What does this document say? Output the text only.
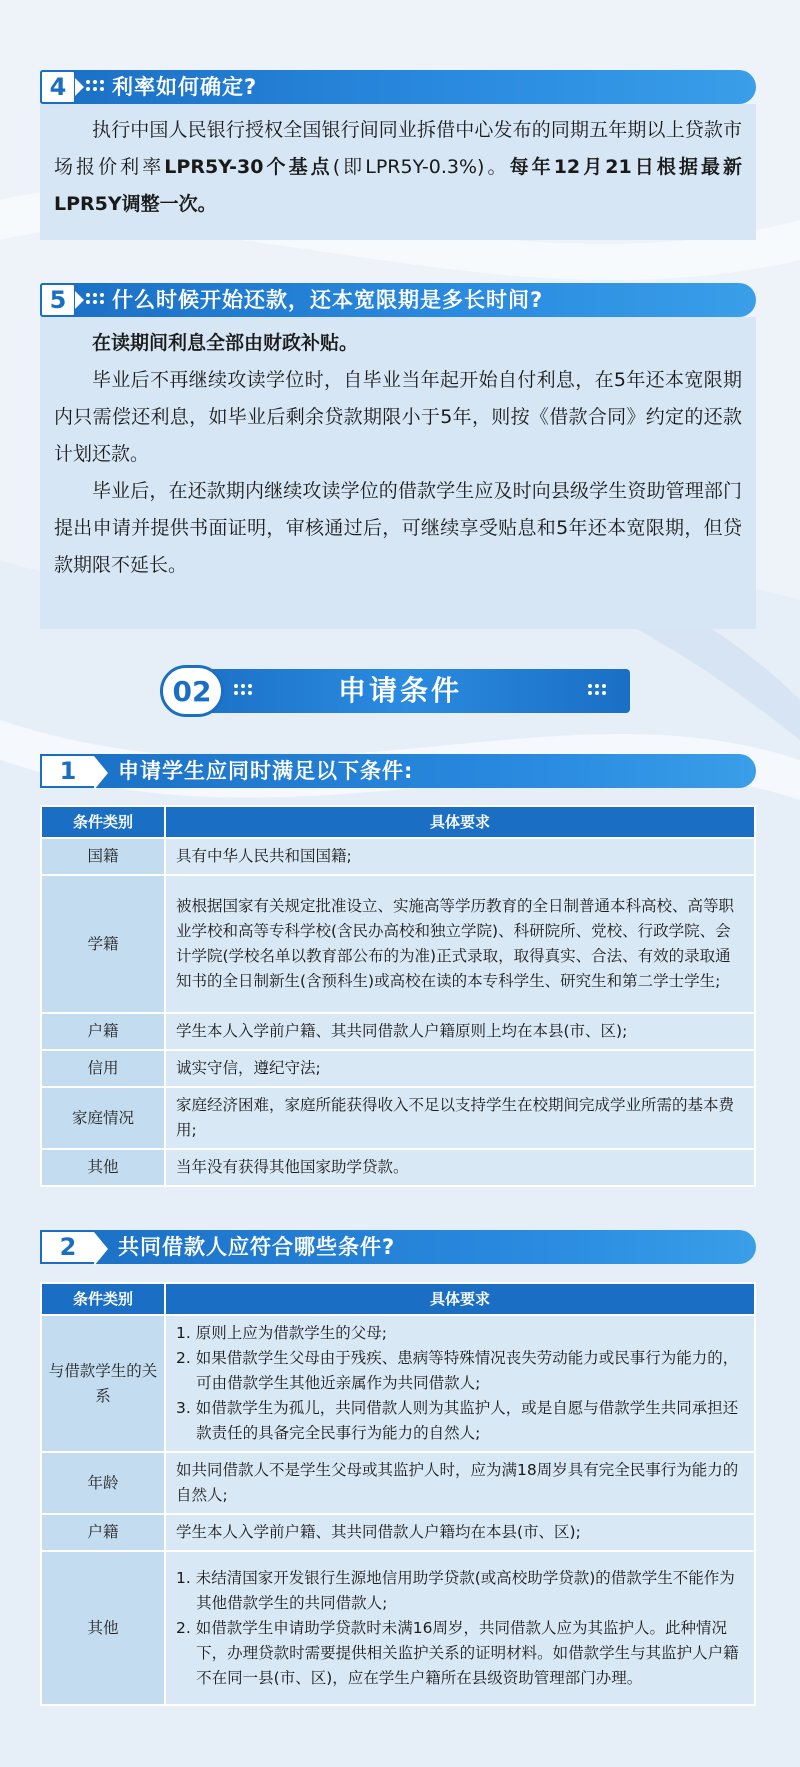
4	利率如何确定?

执行中国人民银行授权全国银行间同业拆借中心发布的同期五年期以上贷款市场报价利率LPR5Y-30个基点(即LPR5Y-0.3%)。每年12月21日根据最新LPR5Y调整一次。

5	什么时候开始还款，还本宽限期是多长时间?

在读期间利息全部由财政补贴。

毕业后不再继续攻读学位时，自毕业当年起开始自付利息，在5年还本宽限期内只需偿还利息，如毕业后剩余贷款期限小于5年，则按《借款合同》约定的还款计划还款。

毕业后，在还款期内继续攻读学位的借款学生应及时向县级学生资助管理部门提出申请并提供书面证明，审核通过后，可继续享受贴息和5年还本宽限期，但贷款期限不延长。

02	申请条件
1	申请学生应同时满足以下条件:
条件类别	具体要求
国籍	具有中华人民共和国国籍;
学籍	被根据国家有关规定批准设立、实施高等学历教育的全日制普通本科高校、高等职业学校和高等专科学校(含民办高校和独立学院)、科研院所、党校、行政学院、会计学院(学校名单以教育部公布的为准)正式录取，取得真实、合法、有效的录取通知书的全日制新生(含预科生)或高校在读的本专科学生、研究生和第二学士学生;
户籍	学生本人入学前户籍、其共同借款人户籍原则上均在本县(市、区);
信用	诚实守信，遵纪守法;
家庭情况	家庭经济困难，家庭所能获得收入不足以支持学生在校期间完成学业所需的基本费用;
其他	当年没有获得其他国家助学贷款。
2	共同借款人应符合哪些条件?
条件类别	具体要求
与借款学生的关系	1. 原则上应为借款学生的父母;
2. 如果借款学生父母由于残疾、患病等特殊情况丧失劳动能力或民事行为能力的，可由借款学生其他近亲属作为共同借款人;
3. 如借款学生为孤儿，共同借款人则为其监护人，或是自愿与借款学生共同承担还款责任的具备完全民事行为能力的自然人;

年龄	如共同借款人不是学生父母或其监护人时，应为满18周岁具有完全民事行为能力的自然人;
户籍	学生本人入学前户籍、其共同借款人户籍均在本县(市、区);
其他	1. 未结清国家开发银行生源地信用助学贷款(或高校助学贷款)的借款学生不能作为其他借款学生的共同借款人;
2. 如借款学生申请助学贷款时未满16周岁，共同借款人应为其监护人。此种情况下，办理贷款时需要提供相关监护关系的证明材料。如借款学生与其监护人户籍不在同一县(市、区)，应在学生户籍所在县级资助管理部门办理。
